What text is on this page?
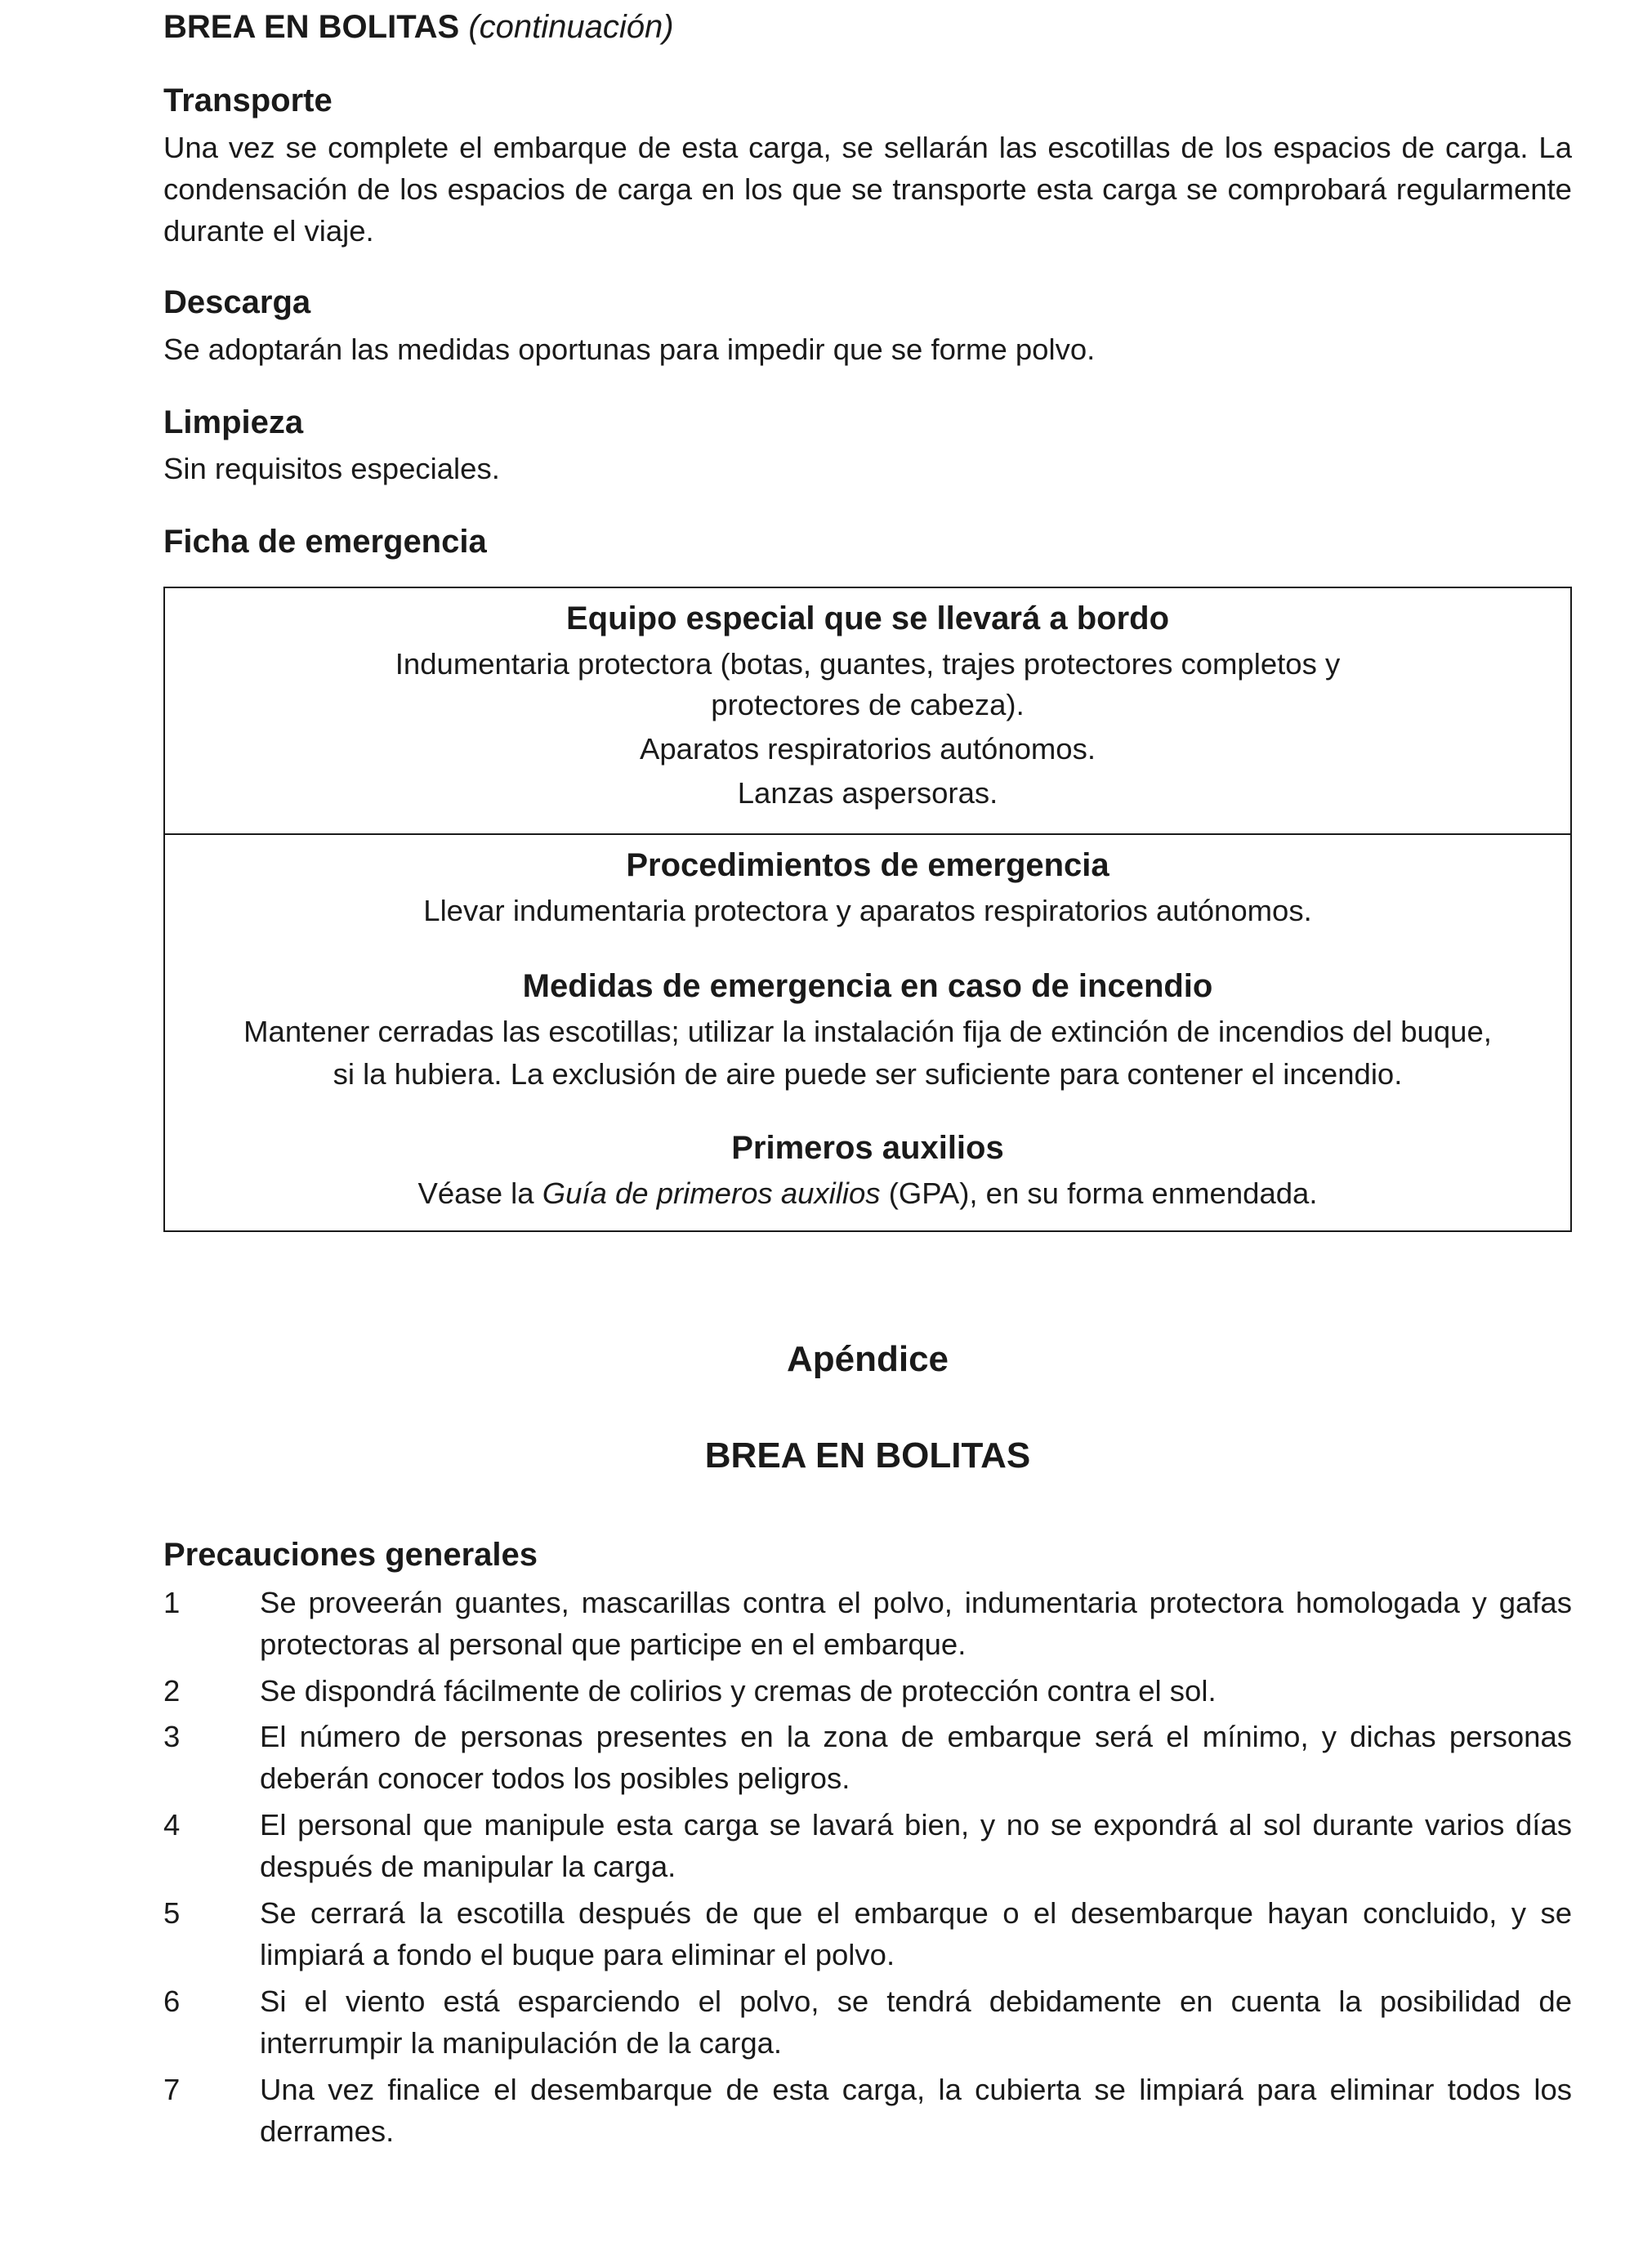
BREA EN BOLITAS (continuación)
Transporte

Una vez se complete el embarque de esta carga, se sellarán las escotillas de los espacios de carga. La condensación de los espacios de carga en los que se transporte esta carga se comprobará regularmente durante el viaje.

Descarga

Se adoptarán las medidas oportunas para impedir que se forme polvo.

Limpieza

Sin requisitos especiales.

Ficha de emergencia

Equipo especial que se llevará a bordo

Indumentaria protectora (botas, guantes, trajes protectores completos y

protectores de cabeza).

Aparatos respiratorios autónomos.

Lanzas aspersoras.

Procedimientos de emergencia

Llevar indumentaria protectora y aparatos respiratorios autónomos.

Medidas de emergencia en caso de incendio

Mantener cerradas las escotillas; utilizar la instalación fija de extinción de incendios del buque,

si la hubiera. La exclusión de aire puede ser suficiente para contener el incendio.

Primeros auxilios

Véase la Guía de primeros auxilios (GPA), en su forma enmendada.

Apéndice

BREA EN BOLITAS

Precauciones generales
1	Se proveerán guantes, mascarillas contra el polvo, indumentaria protectora homologada y gafas protectoras al personal que participe en el embarque.

2	Se dispondrá fácilmente de colirios y cremas de protección contra el sol.

3	El número de personas presentes en la zona de embarque será el mínimo, y dichas personas deberán conocer todos los posibles peligros.

4	El personal que manipule esta carga se lavará bien, y no se expondrá al sol durante varios días después de manipular la carga.

5	Se cerrará la escotilla después de que el embarque o el desembarque hayan concluido, y se limpiará a fondo el buque para eliminar el polvo.

6	Si el viento está esparciendo el polvo, se tendrá debidamente en cuenta la posibilidad de interrumpir la manipulación de la carga.

7	Una vez finalice el desembarque de esta carga, la cubierta se limpiará para eliminar todos los derrames.
